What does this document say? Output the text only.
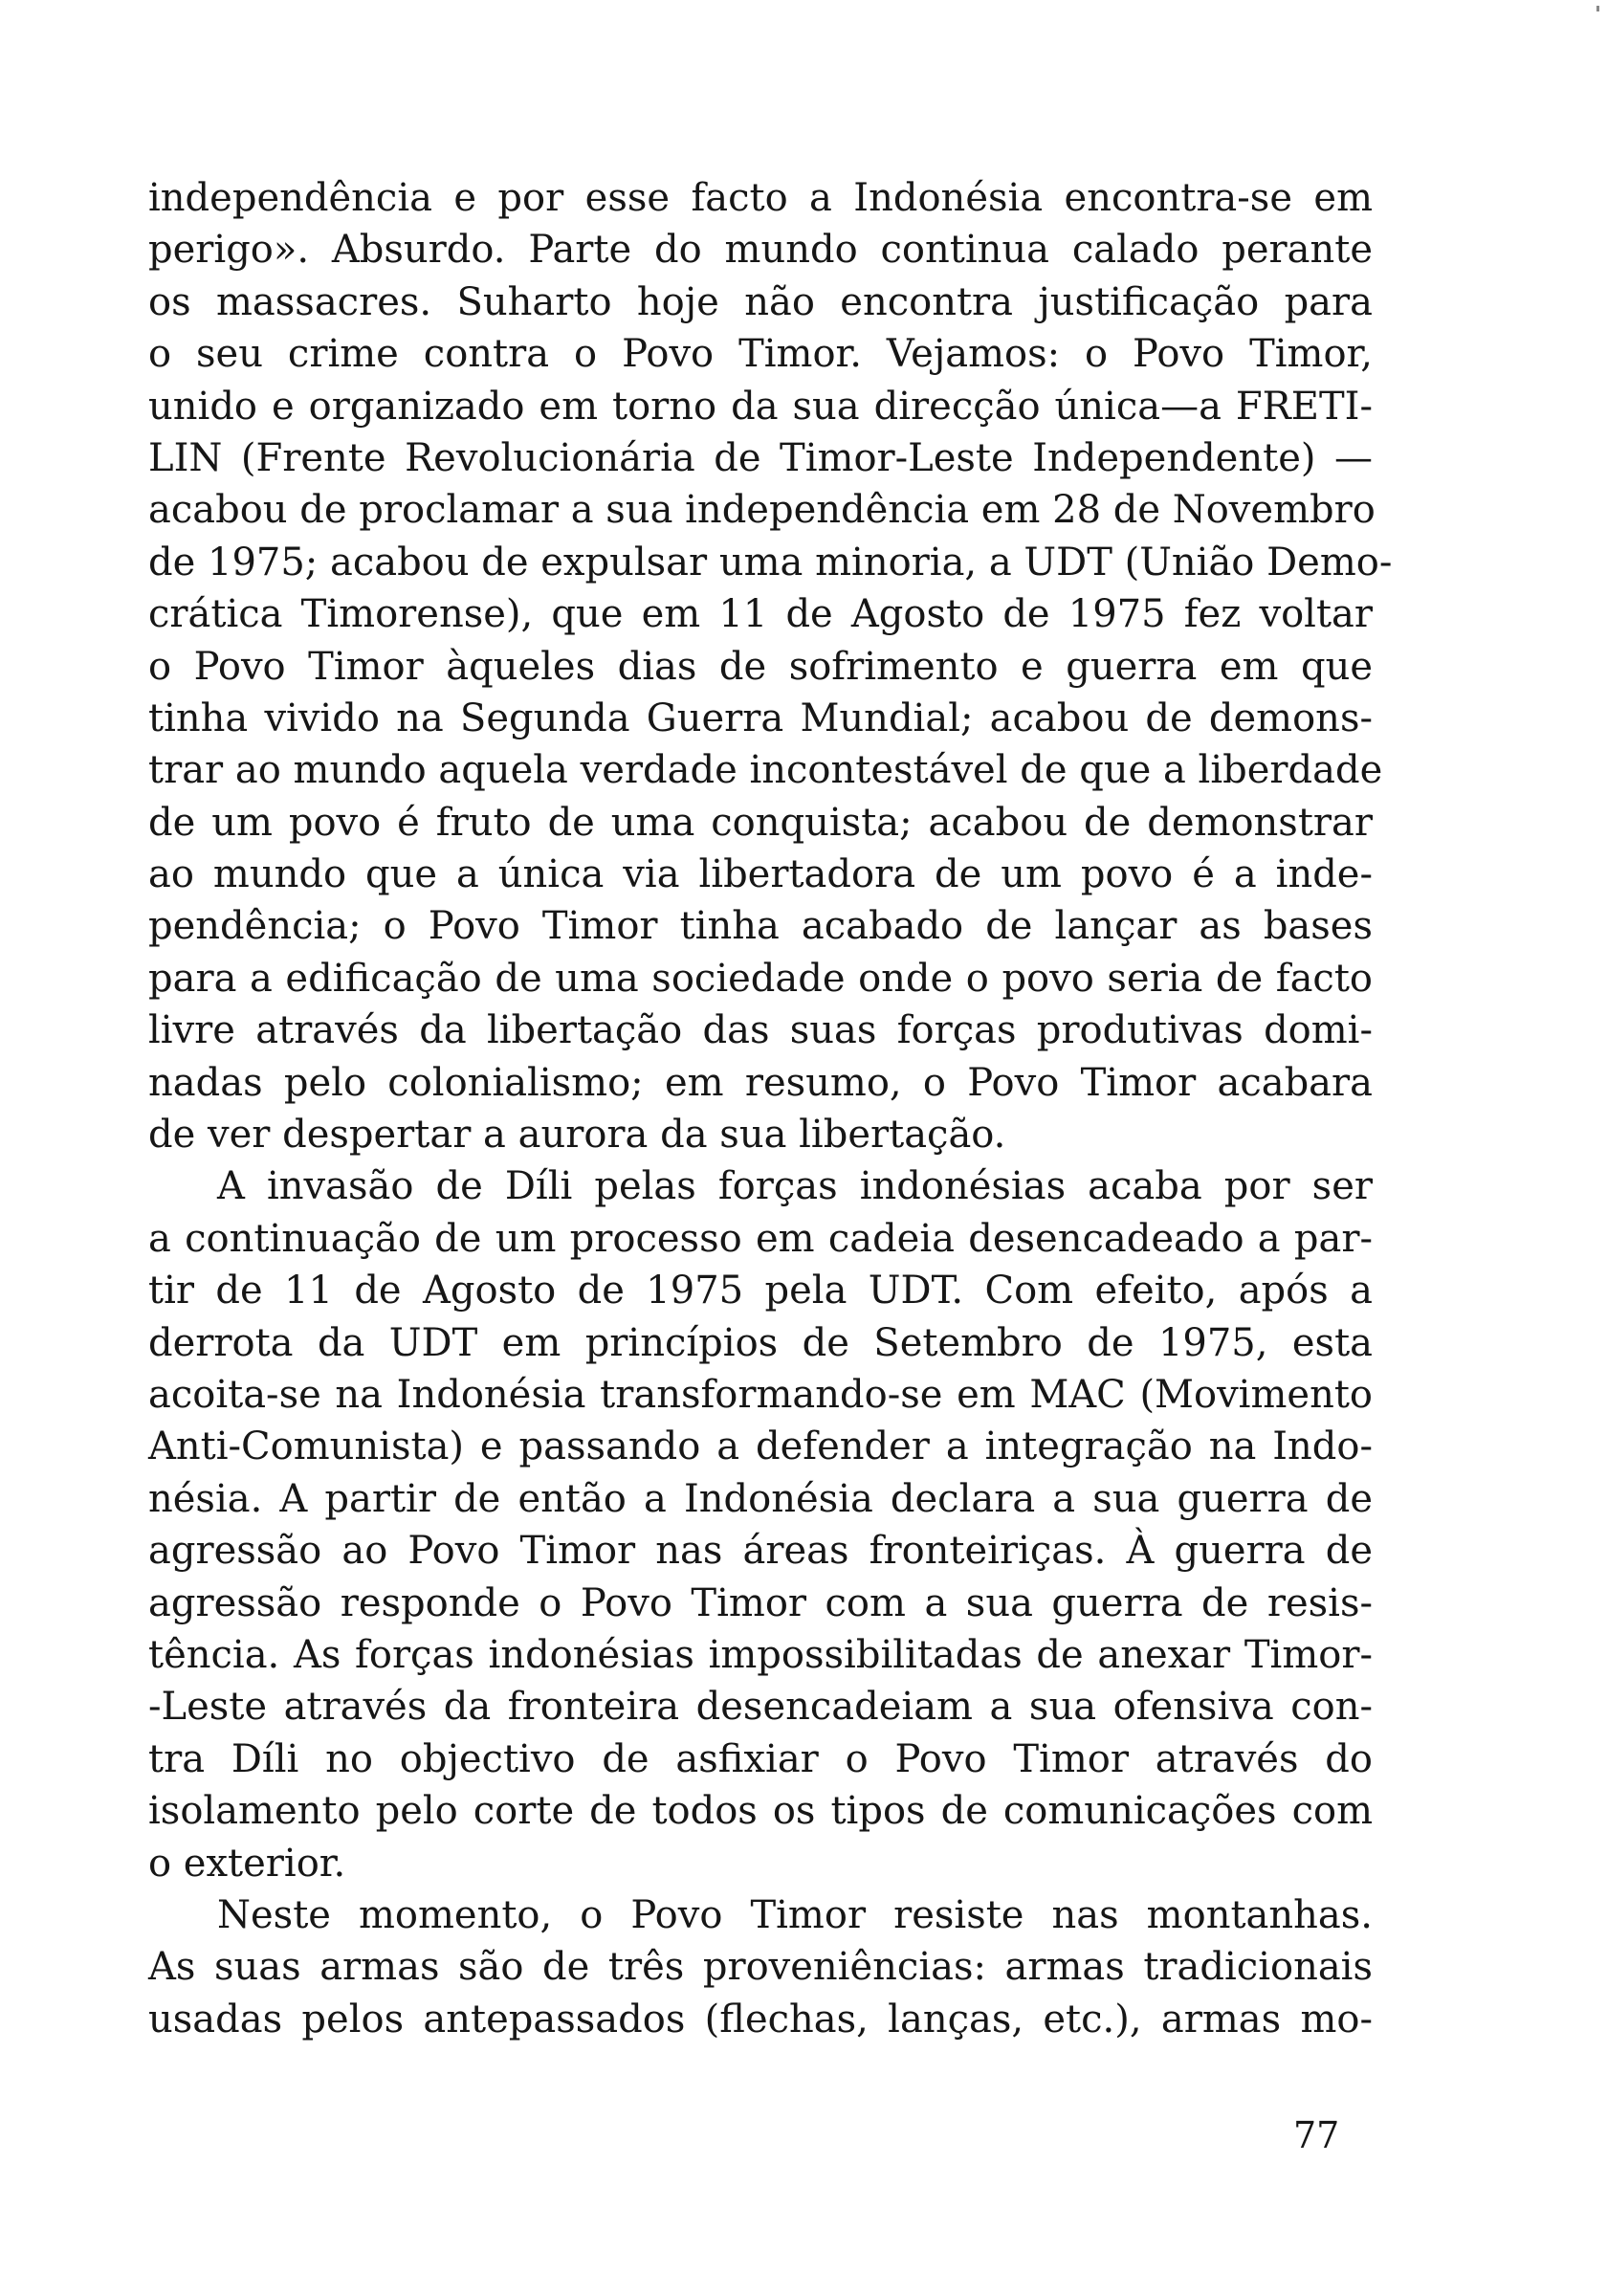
independência e por esse facto a Indonésia encontra-se em
perigo». Absurdo. Parte do mundo continua calado perante
os massacres. Suharto hoje não encontra justificação para
o seu crime contra o Povo Timor. Vejamos: o Povo Timor,
unido e organizado em torno da sua direcção única—a FRETI-
LIN (Frente Revolucionária de Timor-Leste Independente) —
acabou de proclamar a sua independência em 28 de Novembro
de 1975; acabou de expulsar uma minoria, a UDT (União Demo-
crática Timorense), que em 11 de Agosto de 1975 fez voltar
o Povo Timor àqueles dias de sofrimento e guerra em que
tinha vivido na Segunda Guerra Mundial; acabou de demons-
trar ao mundo aquela verdade incontestável de que a liberdade
de um povo é fruto de uma conquista; acabou de demonstrar
ao mundo que a única via libertadora de um povo é a inde-
pendência; o Povo Timor tinha acabado de lançar as bases
para a edificação de uma sociedade onde o povo seria de facto
livre através da libertação das suas forças produtivas domi-
nadas pelo colonialismo; em resumo, o Povo Timor acabara
de ver despertar a aurora da sua libertação.
A invasão de Díli pelas forças indonésias acaba por ser
a continuação de um processo em cadeia desencadeado a par-
tir de 11 de Agosto de 1975 pela UDT. Com efeito, após a
derrota da UDT em princípios de Setembro de 1975, esta
acoita-se na Indonésia transformando-se em MAC (Movimento
Anti-Comunista) e passando a defender a integração na Indo-
nésia. A partir de então a Indonésia declara a sua guerra de
agressão ao Povo Timor nas áreas fronteiriças. À guerra de
agressão responde o Povo Timor com a sua guerra de resis-
tência. As forças indonésias impossibilitadas de anexar Timor-
-Leste através da fronteira desencadeiam a sua ofensiva con-
tra Díli no objectivo de asfixiar o Povo Timor através do
isolamento pelo corte de todos os tipos de comunicações com
o exterior.
Neste momento, o Povo Timor resiste nas montanhas.
As suas armas são de três proveniências: armas tradicionais
usadas pelos antepassados (flechas, lanças, etc.), armas mo-
77
